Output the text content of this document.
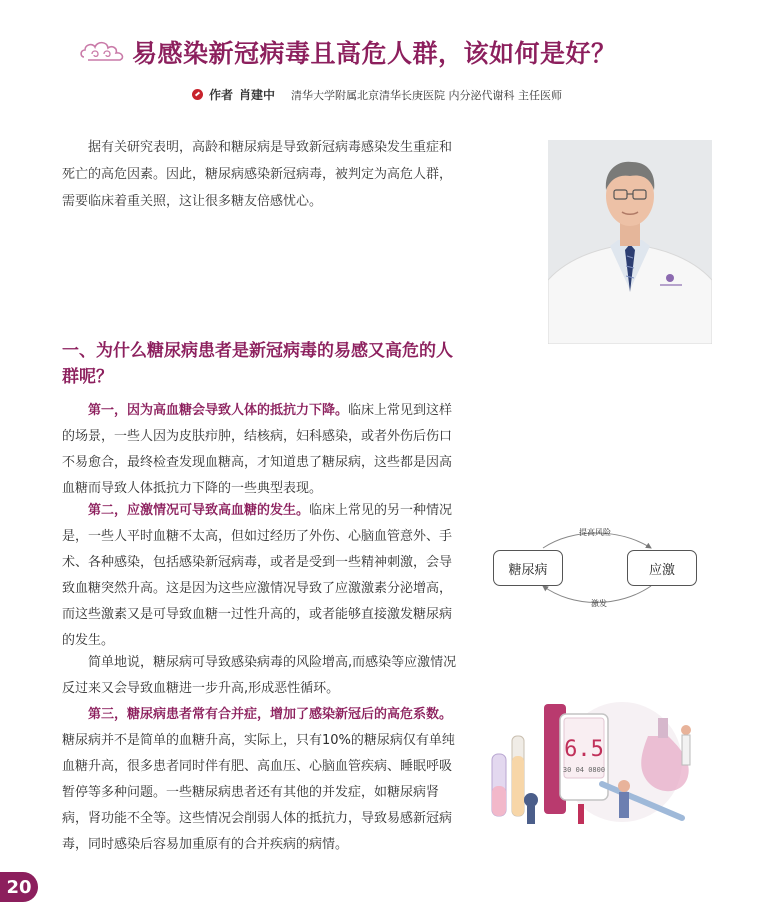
易感染新冠病毒且高危人群，该如何是好？
作者 肖建中 清华大学附属北京清华长庚医院 内分泌代谢科 主任医师

据有关研究表明，高龄和糖尿病是导致新冠病毒感染发生重症和死亡的高危因素。因此，糖尿病感染新冠病毒，被判定为高危人群，需要临床着重关照，这让很多糖友倍感忧心。

一、为什么糖尿病患者是新冠病毒的易感又高危的人群呢？

第一，因为高血糖会导致人体的抵抗力下降。临床上常见到这样的场景，一些人因为皮肤疖肿，结核病，妇科感染，或者外伤后伤口不易愈合，最终检查发现血糖高，才知道患了糖尿病，这些都是因高血糖而导致人体抵抗力下降的一些典型表现。

第二，应激情况可导致高血糖的发生。临床上常见的另一种情况是，一些人平时血糖不太高，但如过经历了外伤、心脑血管意外、手术、各种感染，包括感染新冠病毒，或者是受到一些精神刺激，会导致血糖突然升高。这是因为这些应激情况导致了应激激素分泌增高，而这些激素又是可导致血糖一过性升高的，或者能够直接激发糖尿病的发生。

简单地说，糖尿病可导致感染病毒的风险增高,而感染等应激情况反过来又会导致血糖进一步升高,形成恶性循环。

第三，糖尿病患者常有合并症，增加了感染新冠后的高危系数。糖尿病并不是简单的血糖升高，实际上，只有10%的糖尿病仅有单纯血糖升高，很多患者同时伴有肥、高血压、心脑血管疾病、睡眠呼吸暂停等多种问题。一些糖尿病患者还有其他的并发症，如糖尿病肾病，肾功能不全等。这些情况会削弱人体的抵抗力，导致易感新冠病毒，同时感染后容易加重原有的合并疾病的病情。

糖尿病	应激
提高风险
激发
6.5
30 04 0800
20
